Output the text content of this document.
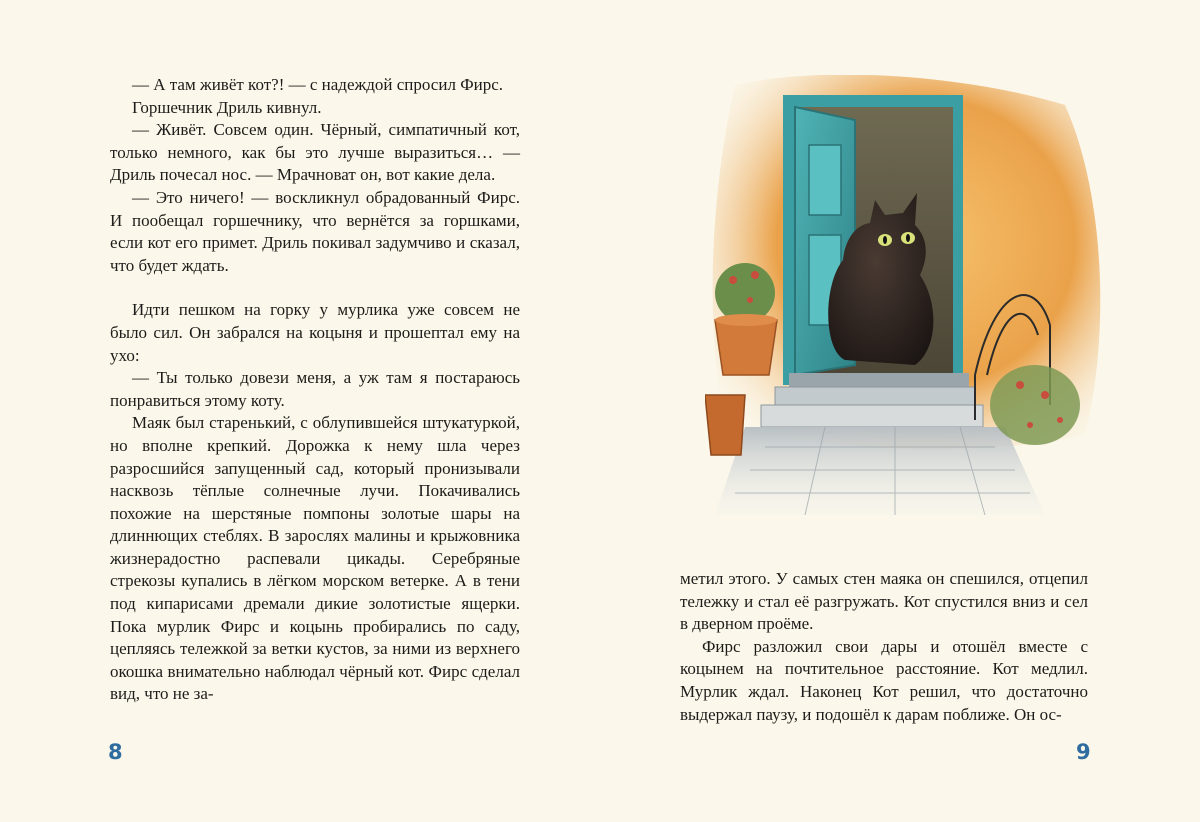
— А там живёт кот?! — с надеждой спросил Фирс.

Горшечник Дриль кивнул.

— Живёт. Совсем один. Чёрный, симпатичный кот, только немного, как бы это лучше выразиться… — Дриль почесал нос. — Мрачноват он, вот какие дела.

— Это ничего! — воскликнул обрадованный Фирс. И пообещал горшечнику, что вернётся за горшками, если кот его примет. Дриль покивал задумчиво и сказал, что будет ждать.

Идти пешком на горку у мурлика уже совсем не было сил. Он забрался на коцыня и прошептал ему на ухо:

— Ты только довези меня, а уж там я постараюсь понравиться этому коту.

Маяк был старенький, с облупившейся штукатуркой, но вполне крепкий. Дорожка к нему шла через разросшийся запущенный сад, который пронизывали насквозь тёплые солнечные лучи. Покачивались похожие на шерстяные помпоны золотые шары на длиннющих стеблях. В зарослях малины и крыжовника жизнерадостно распевали цикады. Серебряные стрекозы купались в лёгком морском ветерке. А в тени под кипарисами дремали дикие золотистые ящерки. Пока мурлик Фирс и коцынь пробирались по саду, цепляясь тележкой за ветки кустов, за ними из верхнего окошка внимательно наблюдал чёрный кот. Фирс сделал вид, что не за-

8

метил этого. У самых стен маяка он спешился, отцепил тележку и стал её разгружать. Кот спустился вниз и сел в дверном проёме.

Фирс разложил свои дары и отошёл вместе с коцынем на почтительное расстояние. Кот медлил. Мурлик ждал. Наконец Кот решил, что достаточно выдержал паузу, и подошёл к дарам поближе. Он ос-

9
